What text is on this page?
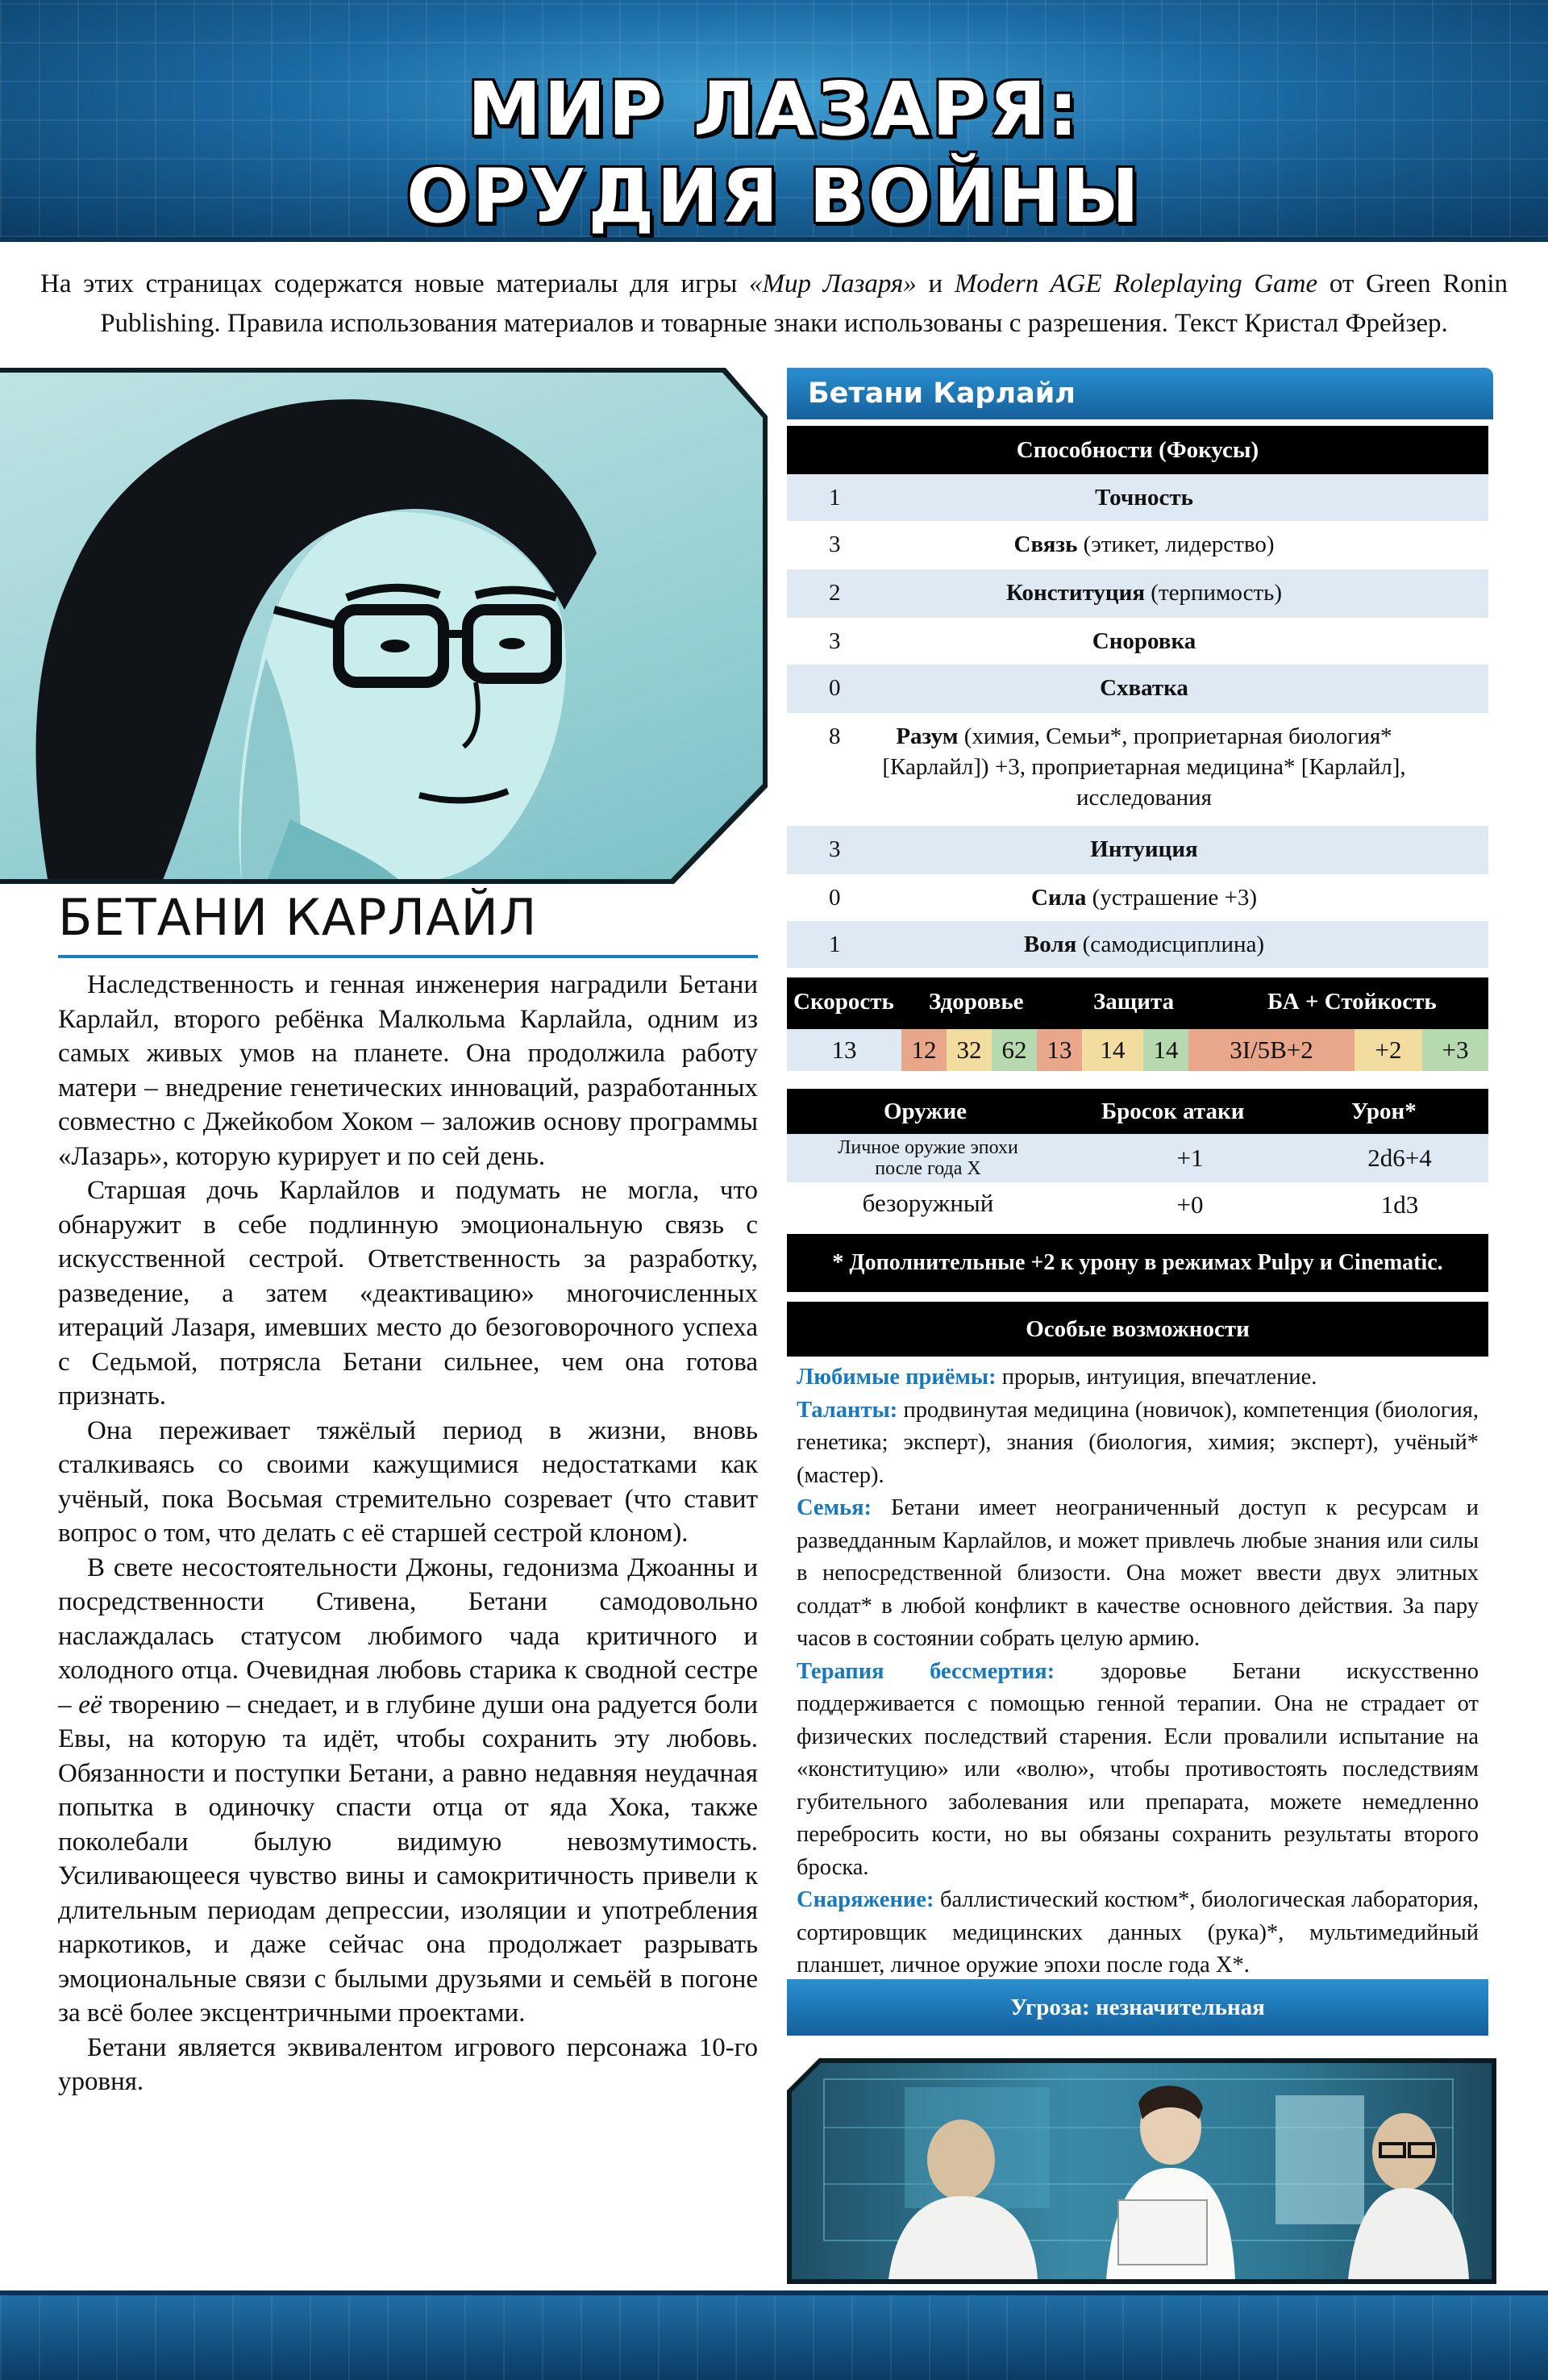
МИР ЛАЗАРЯ:
ОРУДИЯ ВОЙНЫ
На этих страницах содержатся новые материалы для игры «Мир Лазаря» и Modern AGE Roleplaying Game от Green Ronin Publishing. Правила использования материалов и товарные знаки использованы с разрешения. Текст Кристал Фрейзер.
БЕТАНИ КАРЛАЙЛ

Наследственность и генная инженерия наградили Бетани Карлайл, второго ребёнка Малкольма Карлайла, одним из самых живых умов на планете. Она продолжила работу матери – внедрение генетических инноваций, разработанных совместно с Джейкобом Хоком – заложив основу программы «Лазарь», которую курирует и по сей день.

Старшая дочь Карлайлов и подумать не могла, что обнаружит в себе подлинную эмоциональную связь с искусственной сестрой. Ответственность за разработку, разведение, а затем «деактивацию» многочисленных итераций Лазаря, имевших место до безоговорочного успеха с Седьмой, потрясла Бетани сильнее, чем она готова признать.

Она переживает тяжёлый период в жизни, вновь сталкиваясь со своими кажущимися недостатками как учёный, пока Восьмая стремительно созревает (что ставит вопрос о том, что делать с её старшей сестрой клоном).

В свете несостоятельности Джоны, гедонизма Джоанны и посредственности Стивена, Бетани самодовольно наслаждалась статусом любимого чада критичного и холодного отца. Очевидная любовь старика к сводной сестре – её творению – снедает, и в глубине души она радуется боли Евы, на которую та идёт, чтобы сохранить эту любовь. Обязанности и поступки Бетани, а равно недавняя неудачная попытка в одиночку спасти отца от яда Хока, также поколебали былую видимую невозмутимость. Усиливающееся чувство вины и самокритичность привели к длительным периодам депрессии, изоляции и употребления наркотиков, и даже сейчас она продолжает разрывать эмоциональные связи с былыми друзьями и семьёй в погоне за всё более эксцентричными проектами.

Бетани является эквивалентом игрового персонажа 10-го уровня.

Бетани Карлайл
Способности (Фокусы)
1	Точность
3	Связь (этикет, лидерство)
2	Конституция (терпимость)
3	Сноровка
0	Схватка
8	Разум (химия, Семьи*, проприетарная биология* [Карлайл]) +3, проприетарная медицина* [Карлайл], исследования
3	Интуиция
0	Сила (устрашение +3)
1	Воля (самодисциплина)
Скорость Здоровье	Защита	БА + Стойкость
13	12 32 62 13	14	14	3I/5B+2	+2	+3
Оружие	Бросок атаки	Урон*
Личное оружие эпохи после года X	+1	2d6+4
безоружный	+0	1d3
* Дополнительные +2 к урону в режимах Pulpy и Cinematic.
Особые возможности

Любимые приёмы: прорыв, интуиция, впечатление.

Таланты: продвинутая медицина (новичок), компетенция (биология, генетика; эксперт), знания (биология, химия; эксперт), учёный* (мастер).

Семья: Бетани имеет неограниченный доступ к ресурсам и разведданным Карлайлов, и может привлечь любые знания или силы в непосредственной близости. Она может ввести двух элитных солдат* в любой конфликт в качестве основного действия. За пару часов в состоянии собрать целую армию.

Терапия бессмертия: здоровье Бетани искусственно поддерживается с помощью генной терапии. Она не страдает от физических последствий старения. Если провалили испытание на «конституцию» или «волю», чтобы противостоять последствиям губительного заболевания или препарата, можете немедленно перебросить кости, но вы обязаны сохранить результаты второго броска.

Снаряжение: баллистический костюм*, биологическая лаборатория, сортировщик медицинских данных (рука)*, мультимедийный планшет, личное оружие эпохи после года X*.

Угроза: незначительная
